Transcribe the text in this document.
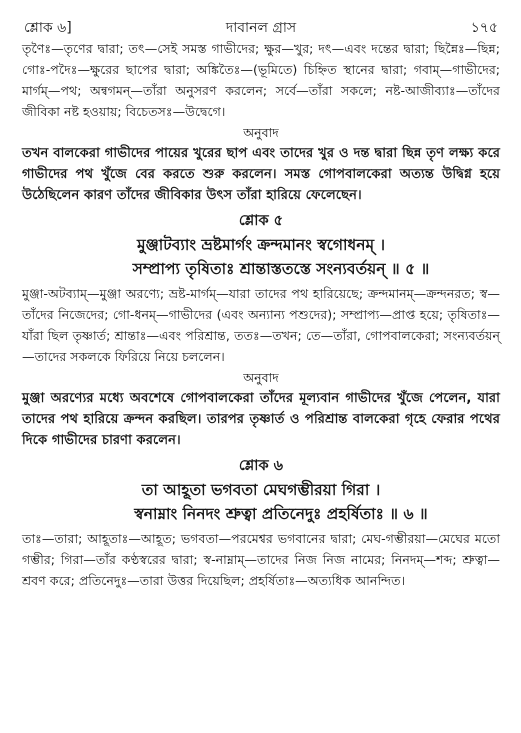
শ্লোক ৬]	দাবানল গ্রাস	১৭৫
তৃণৈঃ—তৃণের দ্বারা; তৎ—সেই সমস্ত গাভীদের; ক্ষুর—খুর; দৎ—এবং দন্তের দ্বারা; ছিন্নৈঃ—ছিন্ন; গোঃ-পদৈঃ—ক্ষুরের ছাপের দ্বারা; অঙ্কিতৈঃ—(ভূমিতে) চিহ্নিত স্থানের দ্বারা; গবাম্—গাভীদের; মার্গম্—পথ; অন্বগমন্—তাঁরা অনুসরণ করলেন; সর্বে—তাঁরা সকলে; নষ্ট-আজীব্যাঃ—তাঁদের জীবিকা নষ্ট হওয়ায়; বিচেতসঃ—উদ্বেগে।
অনুবাদ
তখন বালকেরা গাভীদের পায়ের খুরের ছাপ এবং তাদের খুর ও দন্ত দ্বারা ছিন্ন তৃণ লক্ষ্য করে গাভীদের পথ খুঁজে বের করতে শুরু করলেন। সমস্ত গোপবালকেরা অত্যন্ত উদ্বিগ্ন হয়ে উঠেছিলেন কারণ তাঁদের জীবিকার উৎস তাঁরা হারিয়ে ফেলেছেন।
শ্লোক ৫
মুঞ্জাটব্যাং ভ্রষ্টমার্গং ক্রন্দমানং স্বগোধনম্ ।
সম্প্রাপ্য তৃষিতাঃ শ্রান্তাস্ততস্তে সংন্যবর্তয়ন্ ॥ ৫ ॥
মুঞ্জা-অটব্যাম্—মুঞ্জা অরণ্যে; ভ্রষ্ট-মার্গম্—যারা তাদের পথ হারিয়েছে; ক্রন্দমানম্—ক্রন্দনরত; স্ব—তাঁদের নিজেদের; গো-ধনম্—গাভীদের (এবং অন্যান্য পশুদের); সম্প্রাপ্য—প্রাপ্ত হয়ে; তৃষিতাঃ—যাঁরা ছিল তৃষ্ণার্ত; শ্রান্তাঃ—এবং পরিশ্রান্ত, ততঃ—তখন; তে—তাঁরা, গোপবালকেরা; সংন্যবর্তয়ন্—তাদের সকলকে ফিরিয়ে নিয়ে চললেন।
অনুবাদ
মুঞ্জা অরণ্যের মধ্যে অবশেষে গোপবালকেরা তাঁদের মূল্যবান গাভীদের খুঁজে পেলেন, যারা তাদের পথ হারিয়ে ক্রন্দন করছিল। তারপর তৃষ্ণার্ত ও পরিশ্রান্ত বালকেরা গৃহে ফেরার পথের দিকে গাভীদের চারণা করলেন।
শ্লোক ৬
তা আহূতা ভগবতা মেঘগম্ভীরয়া গিরা ।
স্বনাম্নাং নিনদং শ্রুত্বা প্রতিনেদুঃ প্রহর্ষিতাঃ ॥ ৬ ॥
তাঃ—তারা; আহূতাঃ—আহূত; ভগবতা—পরমেশ্বর ভগবানের দ্বারা; মেঘ-গম্ভীরয়া—মেঘের মতো গম্ভীর; গিরা—তাঁর কণ্ঠস্বরের দ্বারা; স্ব-নাম্নাম্—তাদের নিজ নিজ নামের; নিনদম্—শব্দ; শ্রুত্বা—শ্রবণ করে; প্রতিনেদুঃ—তারা উত্তর দিয়েছিল; প্রহর্ষিতাঃ—অত্যধিক আনন্দিত।
